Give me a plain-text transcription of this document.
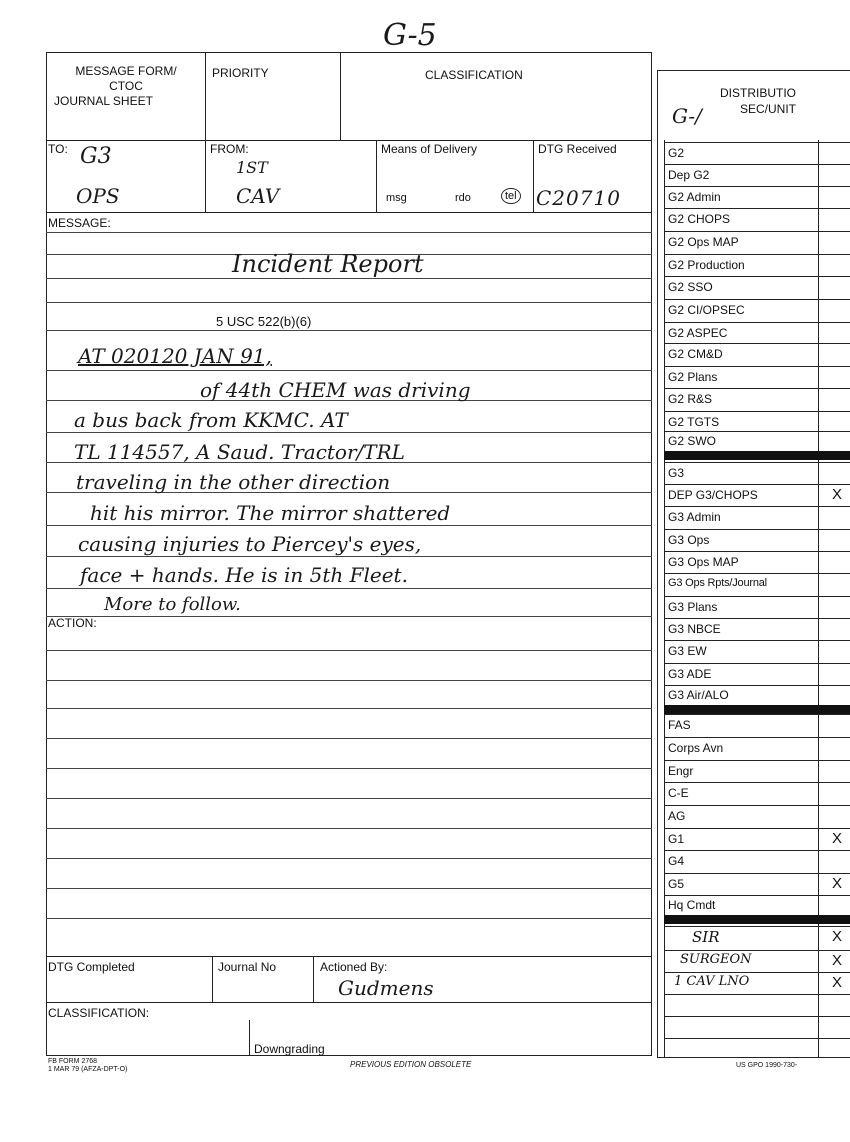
G-5
MESSAGE FORM/
CTOC
JOURNAL SHEET
PRIORITY	CLASSIFICATION
TO: G3
OPS
FROM:
1ST
CAV
Means of Delivery
msg	rdo	tel
DTG Received
C20710
MESSAGE:
Incident Report
5 USC 522(b)(6)
AT 020120 JAN 91,
of 44th CHEM was driving
a bus back from KKMC. AT
TL 114557, A Saud. Tractor/TRL
traveling in the other direction
hit his mirror. The mirror shattered
causing injuries to Piercey's eyes,
face + hands. He is in 5th Fleet.
More to follow.
ACTION:
DTG Completed	Journal No	Actioned By:
Gudmens
CLASSIFICATION:
Downgrading
FB FORM 2768
1 MAR 79 (AFZA-DPT-O)
PREVIOUS EDITION OBSOLETE
DISTRIBUTIO
SEC/UNIT
G-/
G2
Dep G2
G2 Admin
G2 CHOPS
G2 Ops MAP
G2 Production
G2 SSO
G2 CI/OPSEC
G2 ASPEC
G2 CM&D
G2 Plans
G2 R&S
G2 TGTS
G2 SWO
G3
DEP G3/CHOPS	X
G3 Admin
G3 Ops
G3 Ops MAP
G3 Ops Rpts/Journal
G3 Plans
G3 NBCE
G3 EW
G3 ADE
G3 Air/ALO
FAS
Corps Avn
Engr
C-E
AG
G1	X
G4
G5	X
Hq Cmdt
SIR	X
SURGEON	X
1 CAV LNO	X
US GPO 1990-730-
